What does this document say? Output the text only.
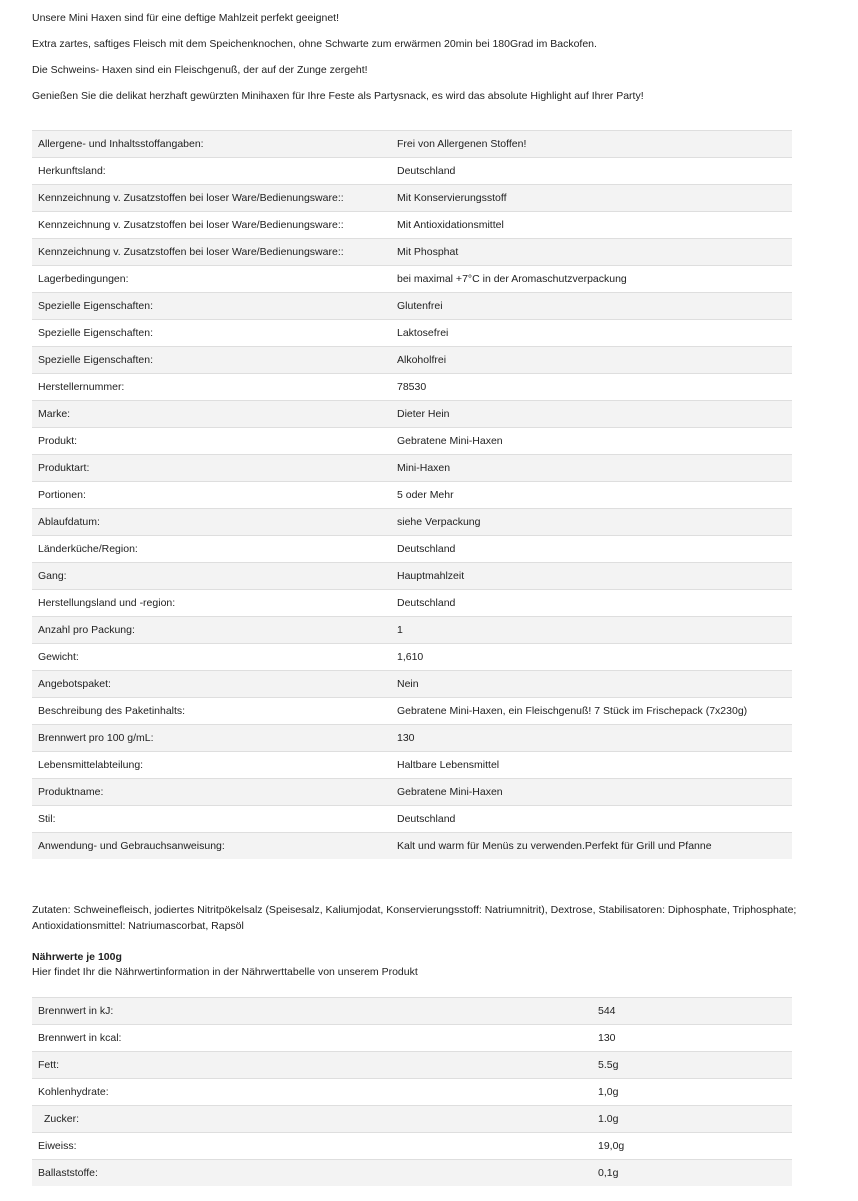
Unsere Mini Haxen sind für eine deftige Mahlzeit perfekt geeignet!

Extra zartes, saftiges Fleisch mit dem Speichenknochen, ohne Schwarte zum erwärmen 20min bei 180Grad im Backofen.

Die Schweins- Haxen sind ein Fleischgenuß, der auf der Zunge zergeht!

Genießen Sie die delikat herzhaft gewürzten Minihaxen für Ihre Feste als Partysnack, es wird das absolute Highlight auf Ihrer Party!

Allergene- und Inhaltsstoffangaben:	Frei von Allergenen Stoffen!
Herkunftsland:	Deutschland
Kennzeichnung v. Zusatzstoffen bei loser Ware/Bedienungsware::	Mit Konservierungsstoff
Kennzeichnung v. Zusatzstoffen bei loser Ware/Bedienungsware::	Mit Antioxidationsmittel
Kennzeichnung v. Zusatzstoffen bei loser Ware/Bedienungsware::	Mit Phosphat
Lagerbedingungen:	bei maximal +7°C in der Aromaschutzverpackung
Spezielle Eigenschaften:	Glutenfrei
Spezielle Eigenschaften:	Laktosefrei
Spezielle Eigenschaften:	Alkoholfrei
Herstellernummer:	78530
Marke:	Dieter Hein
Produkt:	Gebratene Mini-Haxen
Produktart:	Mini-Haxen
Portionen:	5 oder Mehr
Ablaufdatum:	siehe Verpackung
Länderküche/Region:	Deutschland
Gang:	Hauptmahlzeit
Herstellungsland und -region:	Deutschland
Anzahl pro Packung:	1
Gewicht:	1,610
Angebotspaket:	Nein
Beschreibung des Paketinhalts:	Gebratene Mini-Haxen, ein Fleischgenuß! 7 Stück im Frischepack (7x230g)
Brennwert pro 100 g/mL:	130
Lebensmittelabteilung:	Haltbare Lebensmittel
Produktname:	Gebratene Mini-Haxen
Stil:	Deutschland
Anwendung- und Gebrauchsanweisung:	Kalt und warm für Menüs zu verwenden.Perfekt für Grill und Pfanne

Zutaten: Schweinefleisch, jodiertes Nitritpökelsalz (Speisesalz, Kaliumjodat, Konservierungsstoff: Natriumnitrit), Dextrose, Stabilisatoren: Diphosphate, Triphosphate; Antioxidationsmittel: Natriumascorbat, Rapsöl

Nährwerte je 100g

Hier findet Ihr die Nährwertinformation in der Nährwerttabelle von unserem Produkt

Brennwert in kJ:	544
Brennwert in kcal:	130
Fett:	5.5g
Kohlenhydrate:	1,0g
Zucker:	1.0g
Eiweiss:	19,0g
Ballaststoffe:	0,1g
